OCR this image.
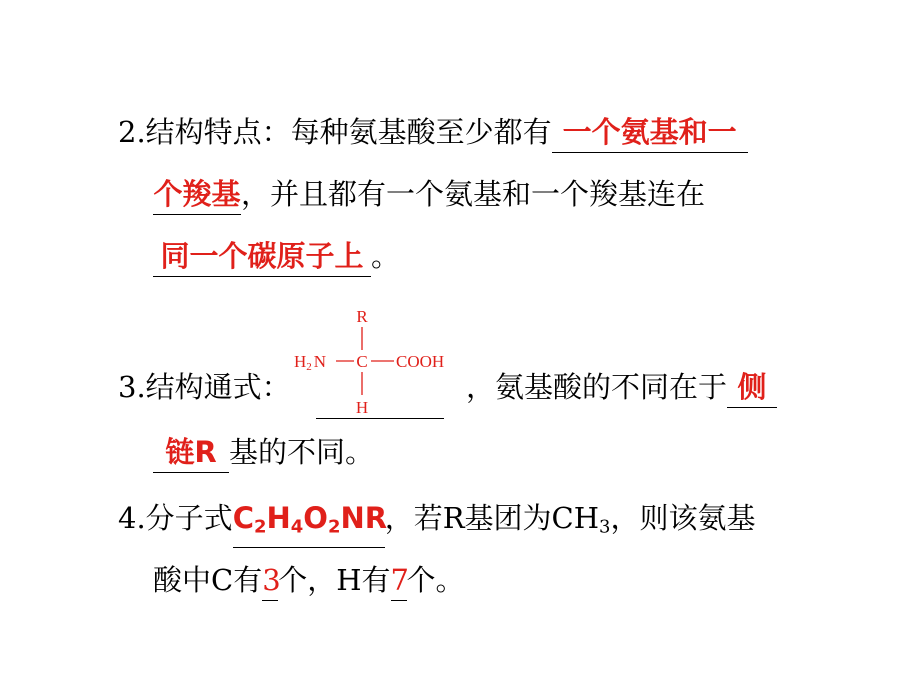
2.结构特点：每种氨基酸至少都有 一个氨基和一
个羧基，并且都有一个氨基和一个羧基连在
同一个碳原子上 。
R
H2 N C COOH
H
3.结构通式：	，氨基酸的不同在于 侧
链R 基的不同。
4.分子式$C_2H_4O_2NR$，若R基团为$CH_3$，则该氨基
酸中C有3个，H有7个。
